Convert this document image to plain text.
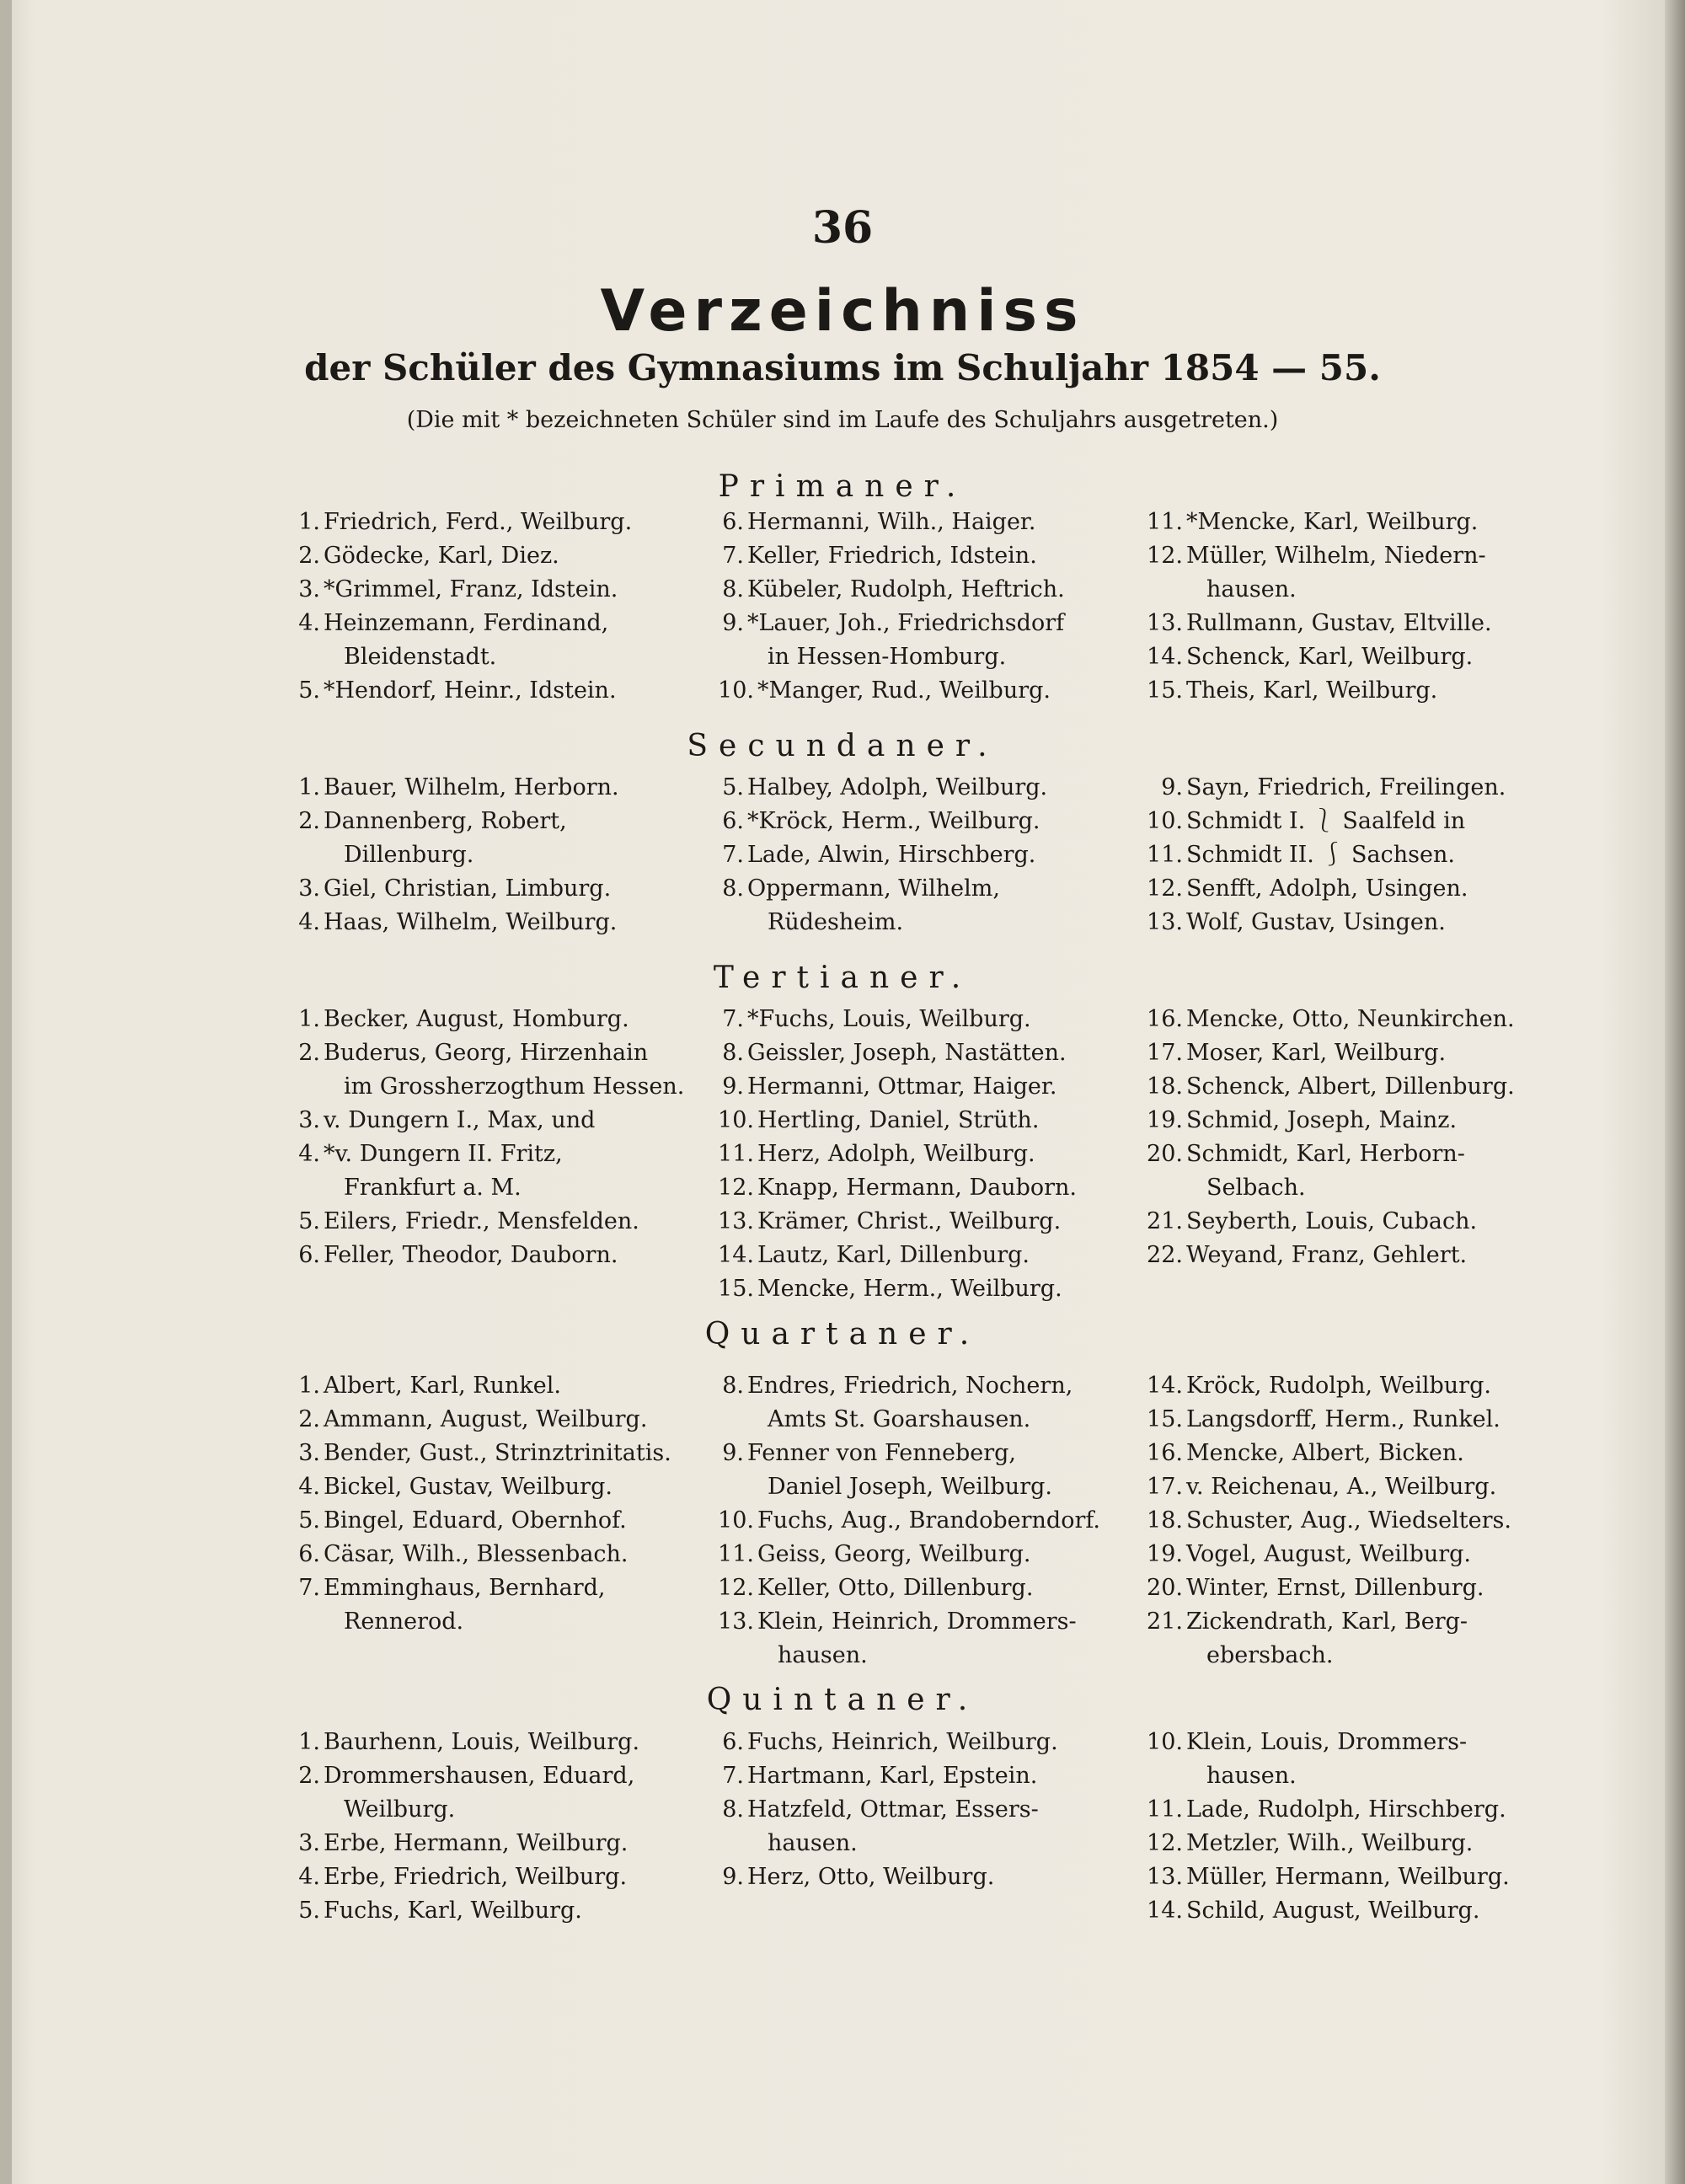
36
Verzeichniss
der Schüler des Gymnasiums im Schuljahr 1854 — 55.
(Die mit * bezeichneten Schüler sind im Laufe des Schuljahrs ausgetreten.)
Primaner.
1. Friedrich, Ferd., Weilburg.
2. Gödecke, Karl, Diez.
3. *Grimmel, Franz, Idstein.
4. Heinzemann, Ferdinand,
Bleidenstadt.
5. *Hendorf, Heinr., Idstein.
6. Hermanni, Wilh., Haiger.
7. Keller, Friedrich, Idstein.
8. Kübeler, Rudolph, Heftrich.
9. *Lauer, Joh., Friedrichsdorf
in Hessen-Homburg.
10. *Manger, Rud., Weilburg.
11. *Mencke, Karl, Weilburg.
12. Müller, Wilhelm, Niedern-
hausen.
13. Rullmann, Gustav, Eltville.
14. Schenck, Karl, Weilburg.
15. Theis, Karl, Weilburg.
Secundaner.
1. Bauer, Wilhelm, Herborn.
2. Dannenberg, Robert,
Dillenburg.
3. Giel, Christian, Limburg.
4. Haas, Wilhelm, Weilburg.
5. Halbey, Adolph, Weilburg.
6. *Kröck, Herm., Weilburg.
7. Lade, Alwin, Hirschberg.
8. Oppermann, Wilhelm,
Rüdesheim.
9. Sayn, Friedrich, Freilingen.
10. Schmidt I. ⎱ Saalfeld in
11. Schmidt II. ⎰ Sachsen.
12. Senfft, Adolph, Usingen.
13. Wolf, Gustav, Usingen.
Tertianer.
1. Becker, August, Homburg.
2. Buderus, Georg, Hirzenhain
im Grossherzogthum Hessen.
3. v. Dungern I., Max, und
4. *v. Dungern II. Fritz,
Frankfurt a. M.
5. Eilers, Friedr., Mensfelden.
6. Feller, Theodor, Dauborn.
7. *Fuchs, Louis, Weilburg.
8. Geissler, Joseph, Nastätten.
9. Hermanni, Ottmar, Haiger.
10. Hertling, Daniel, Strüth.
11. Herz, Adolph, Weilburg.
12. Knapp, Hermann, Dauborn.
13. Krämer, Christ., Weilburg.
14. Lautz, Karl, Dillenburg.
15. Mencke, Herm., Weilburg.
16. Mencke, Otto, Neunkirchen.
17. Moser, Karl, Weilburg.
18. Schenck, Albert, Dillenburg.
19. Schmid, Joseph, Mainz.
20. Schmidt, Karl, Herborn-
Selbach.
21. Seyberth, Louis, Cubach.
22. Weyand, Franz, Gehlert.
Quartaner.
1. Albert, Karl, Runkel.
2. Ammann, August, Weilburg.
3. Bender, Gust., Strinztrinitatis.
4. Bickel, Gustav, Weilburg.
5. Bingel, Eduard, Obernhof.
6. Cäsar, Wilh., Blessenbach.
7. Emminghaus, Bernhard,
Rennerod.
8. Endres, Friedrich, Nochern,
Amts St. Goarshausen.
9. Fenner von Fenneberg,
Daniel Joseph, Weilburg.
10. Fuchs, Aug., Brandoberndorf.
11. Geiss, Georg, Weilburg.
12. Keller, Otto, Dillenburg.
13. Klein, Heinrich, Drommers-
hausen.
14. Kröck, Rudolph, Weilburg.
15. Langsdorff, Herm., Runkel.
16. Mencke, Albert, Bicken.
17. v. Reichenau, A., Weilburg.
18. Schuster, Aug., Wiedselters.
19. Vogel, August, Weilburg.
20. Winter, Ernst, Dillenburg.
21. Zickendrath, Karl, Berg-
ebersbach.
Quintaner.
1. Baurhenn, Louis, Weilburg.
2. Drommershausen, Eduard,
Weilburg.
3. Erbe, Hermann, Weilburg.
4. Erbe, Friedrich, Weilburg.
5. Fuchs, Karl, Weilburg.
6. Fuchs, Heinrich, Weilburg.
7. Hartmann, Karl, Epstein.
8. Hatzfeld, Ottmar, Essers-
hausen.
9. Herz, Otto, Weilburg.
10. Klein, Louis, Drommers-
hausen.
11. Lade, Rudolph, Hirschberg.
12. Metzler, Wilh., Weilburg.
13. Müller, Hermann, Weilburg.
14. Schild, August, Weilburg.
